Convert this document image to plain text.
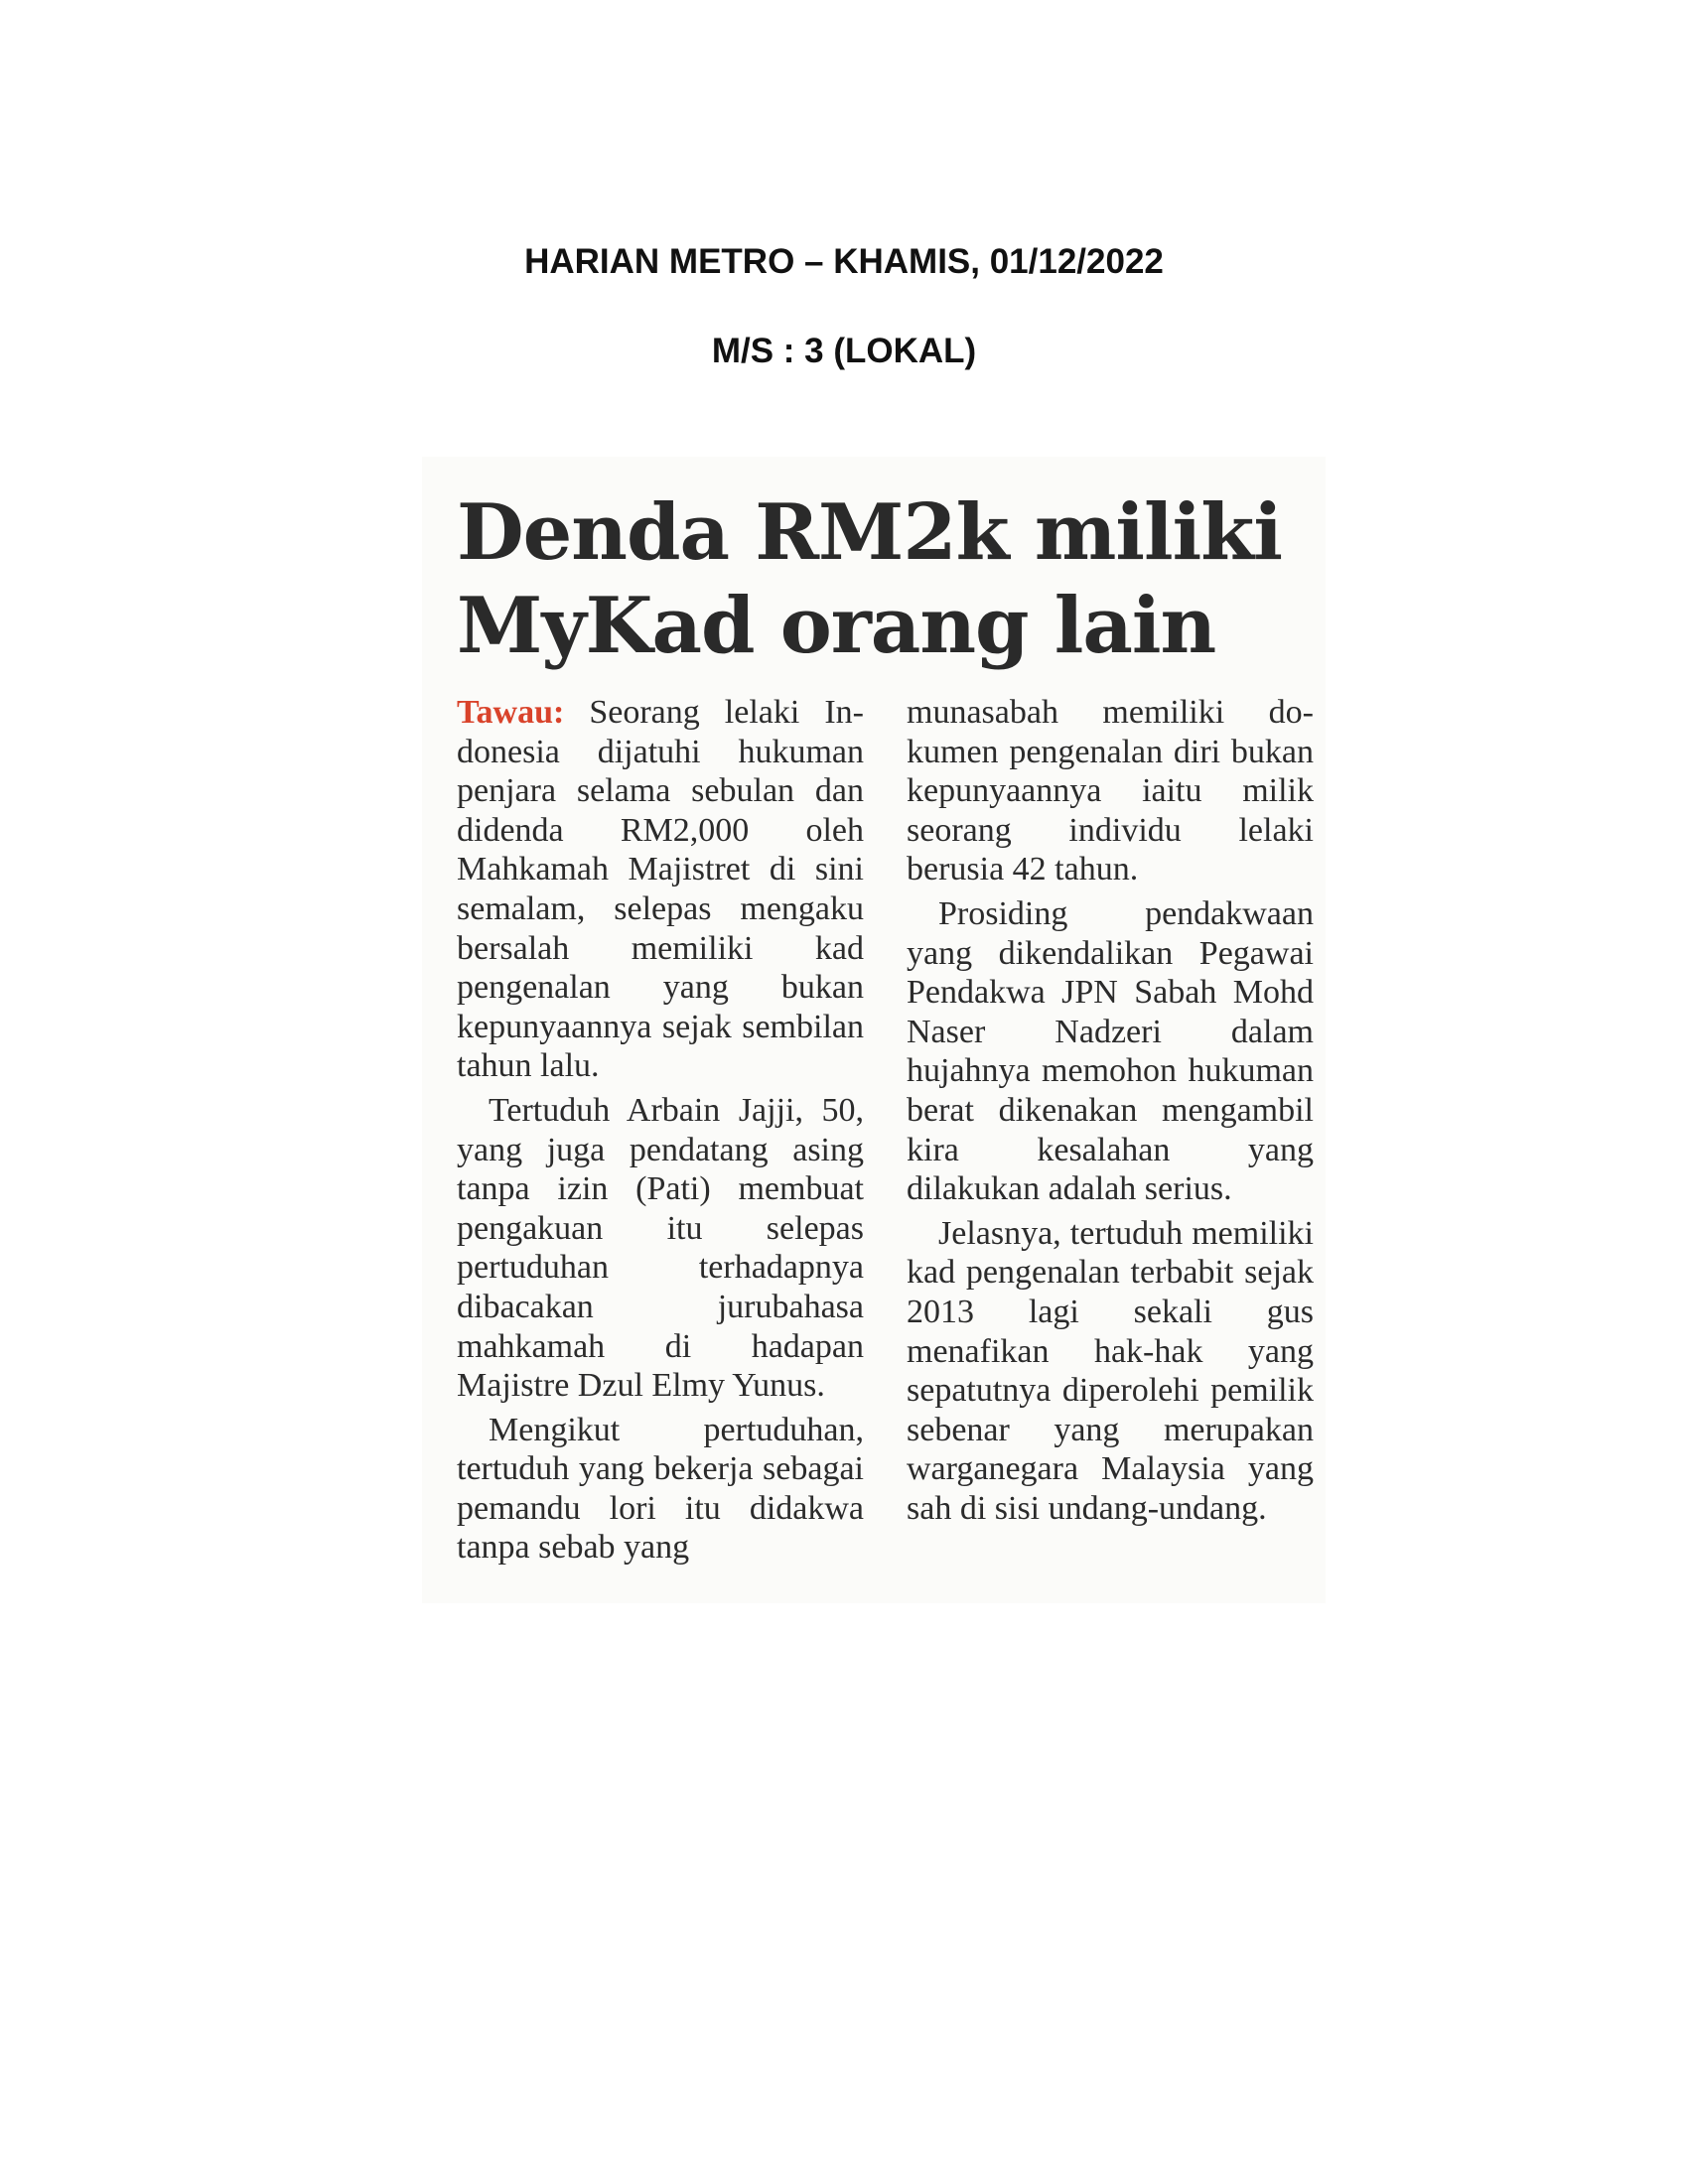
HARIAN METRO – KHAMIS, 01/12/2022
M/S : 3 (LOKAL)
Denda RM2k miliki
MyKad orang lain

Tawau: Seorang lelaki Indonesia dijatuhi hukuman penjara selama sebulan dan didenda RM2,000 oleh Mahkamah Majistret di sini semalam, selepas mengaku bersalah memiliki kad pengenalan yang bukan kepunyaannya sejak sembilan tahun lalu.

Tertuduh Arbain Jajji, 50, yang juga pendatang asing tanpa izin (Pati) membuat pengakuan itu selepas pertuduhan terhadapnya dibacakan jurubahasa mahkamah di hadapan Majistre Dzul Elmy Yunus.

Mengikut pertuduhan, tertuduh yang bekerja sebagai pemandu lori itu didakwa tanpa sebab yang

munasabah memiliki dokumen pengenalan diri bukan kepunyaannya iaitu milik seorang individu lelaki berusia 42 tahun.

Prosiding pendakwaan yang dikendalikan Pegawai Pendakwa JPN Sabah Mohd Naser Nadzeri dalam hujahnya memohon hukuman berat dikenakan mengambil kira kesalahan yang dilakukan adalah serius.

Jelasnya, tertuduh memiliki kad pengenalan terbabit sejak 2013 lagi sekali gus menafikan hak-hak yang sepatutnya diperolehi pemilik sebenar yang merupakan warganegara Malaysia yang sah di sisi undang-undang.
